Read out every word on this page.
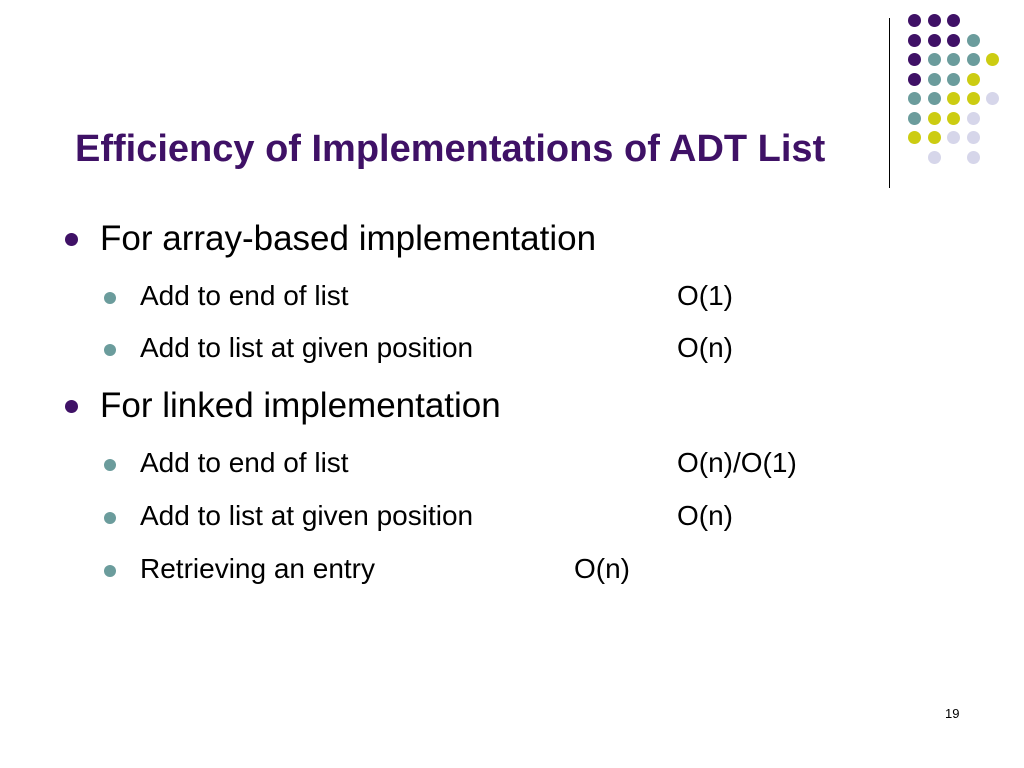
Efficiency of Implementations of ADT List
For array-based implementation
Add to end of list	O(1)
Add to list at given position	O(n)
For linked implementation
Add to end of list	O(n)/O(1)
Add to list at given position	O(n)
Retrieving an entry	O(n)
19
